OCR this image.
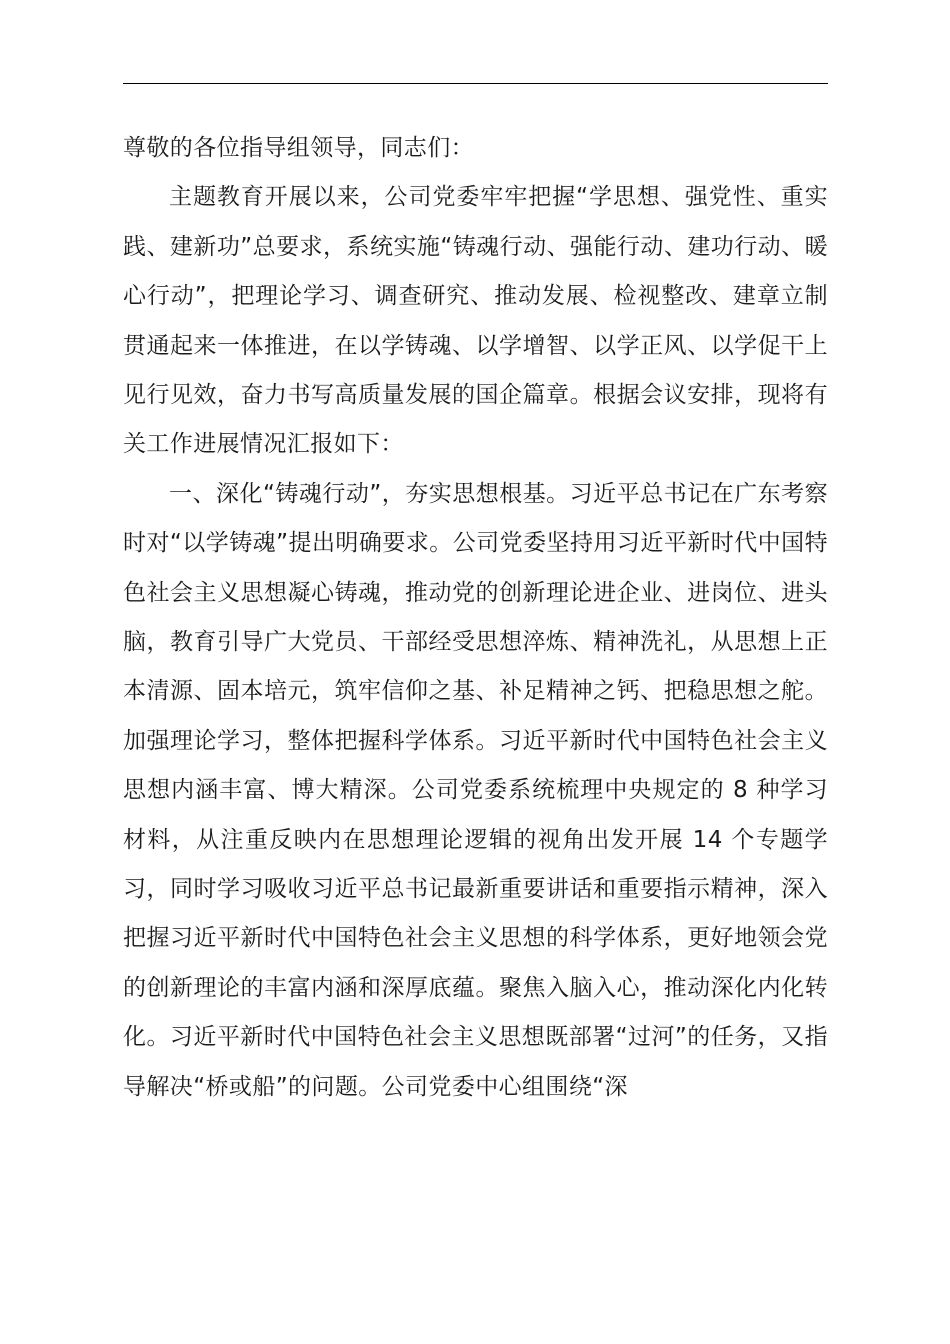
尊敬的各位指导组领导，同志们：

主题教育开展以来，公司党委牢牢把握“学思想、强党性、重实践、建新功”总要求，系统实施“铸魂行动、强能行动、建功行动、暖心行动”，把理论学习、调查研究、推动发展、检视整改、建章立制贯通起来一体推进，在以学铸魂、以学增智、以学正风、以学促干上见行见效，奋力书写高质量发展的国企篇章。根据会议安排，现将有关工作进展情况汇报如下：

一、深化“铸魂行动”，夯实思想根基。习近平总书记在广东考察时对“以学铸魂”提出明确要求。公司党委坚持用习近平新时代中国特色社会主义思想凝心铸魂，推动党的创新理论进企业、进岗位、进头脑，教育引导广大党员、干部经受思想淬炼、精神洗礼，从思想上正本清源、固本培元，筑牢信仰之基、补足精神之钙、把稳思想之舵。加强理论学习，整体把握科学体系。习近平新时代中国特色社会主义思想内涵丰富、博大精深。公司党委系统梳理中央规定的 8 种学习材料，从注重反映内在思想理论逻辑的视角出发开展 14 个专题学习，同时学习吸收习近平总书记最新重要讲话和重要指示精神，深入把握习近平新时代中国特色社会主义思想的科学体系，更好地领会党的创新理论的丰富内涵和深厚底蕴。聚焦入脑入心，推动深化内化转化。习近平新时代中国特色社会主义思想既部署“过河”的任务，又指导解决“桥或船”的问题。公司党委中心组围绕“深
